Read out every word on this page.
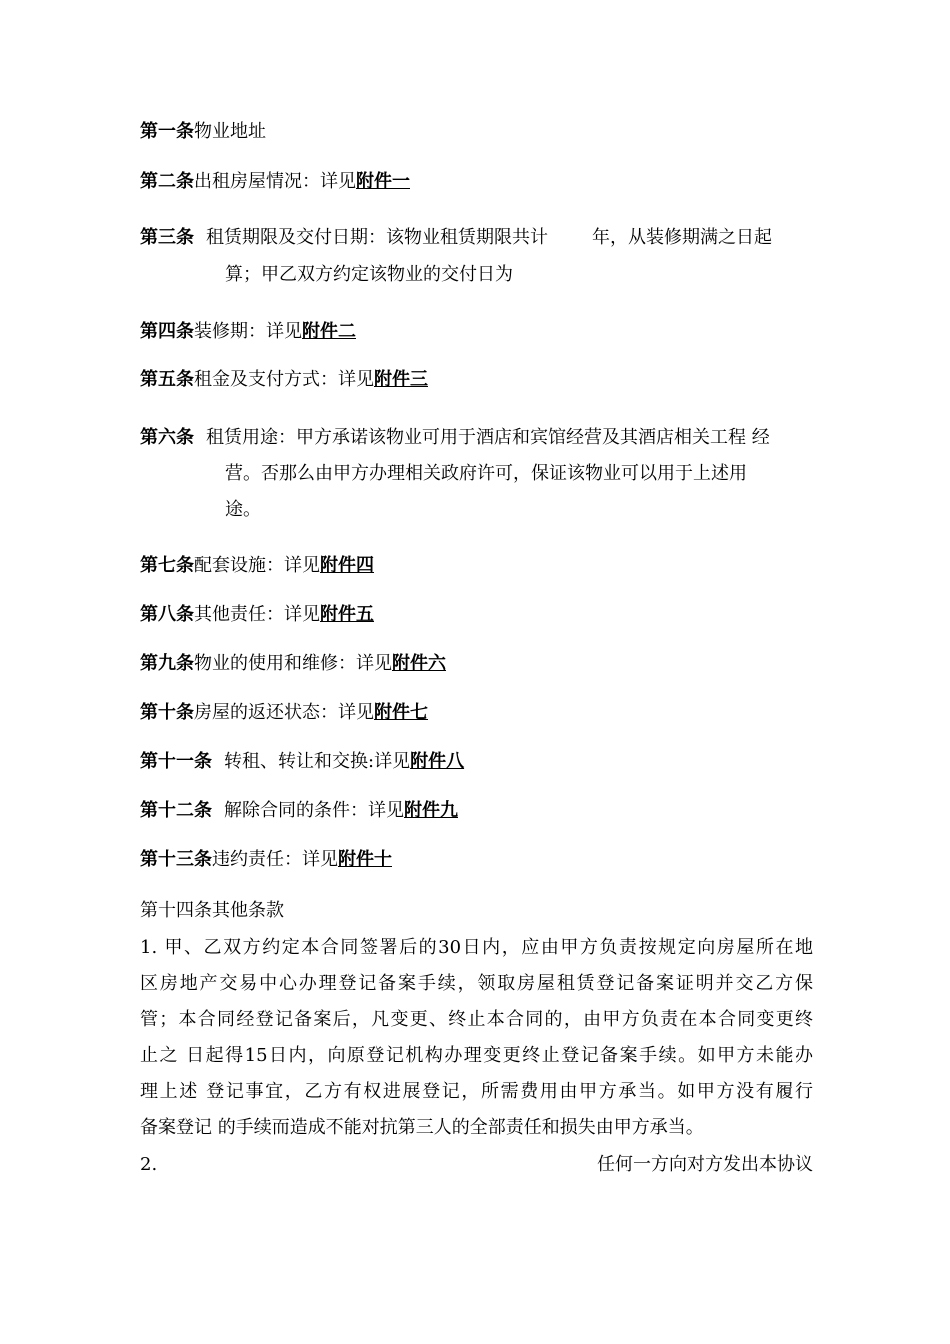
第一条物业地址
第二条出租房屋情况：详见附件一
第三条 租赁期限及交付日期：该物业租赁期限共计 年，从装修期满之日起
算；甲乙双方约定该物业的交付日为
第四条装修期：详见附件二
第五条租金及支付方式：详见附件三
第六条 租赁用途：甲方承诺该物业可用于酒店和宾馆经营及其酒店相关工程 经
营。否那么由甲方办理相关政府许可，保证该物业可以用于上述用
途。
第七条配套设施：详见附件四
第八条其他责任：详见附件五
第九条物业的使用和维修：详见附件六
第十条房屋的返还状态：详见附件七
第十一条 转租、转让和交换:详见附件八
第十二条 解除合同的条件：详见附件九
第十三条违约责任：详见附件十
第十四条其他条款
1. 甲、乙双方约定本合同签署后的30日内，应由甲方负责按规定向房屋所在地
区房地产交易中心办理登记备案手续，领取房屋租赁登记备案证明并交乙方保
管；本合同经登记备案后，凡变更、终止本合同的，由甲方负责在本合同变更终
止之 日起得15日内，向原登记机构办理变更终止登记备案手续。如甲方未能办
理上述 登记事宜，乙方有权进展登记，所需费用由甲方承当。如甲方没有履行
备案登记 的手续而造成不能对抗第三人的全部责任和损失由甲方承当。
2.	任何一方向对方发出本协议
